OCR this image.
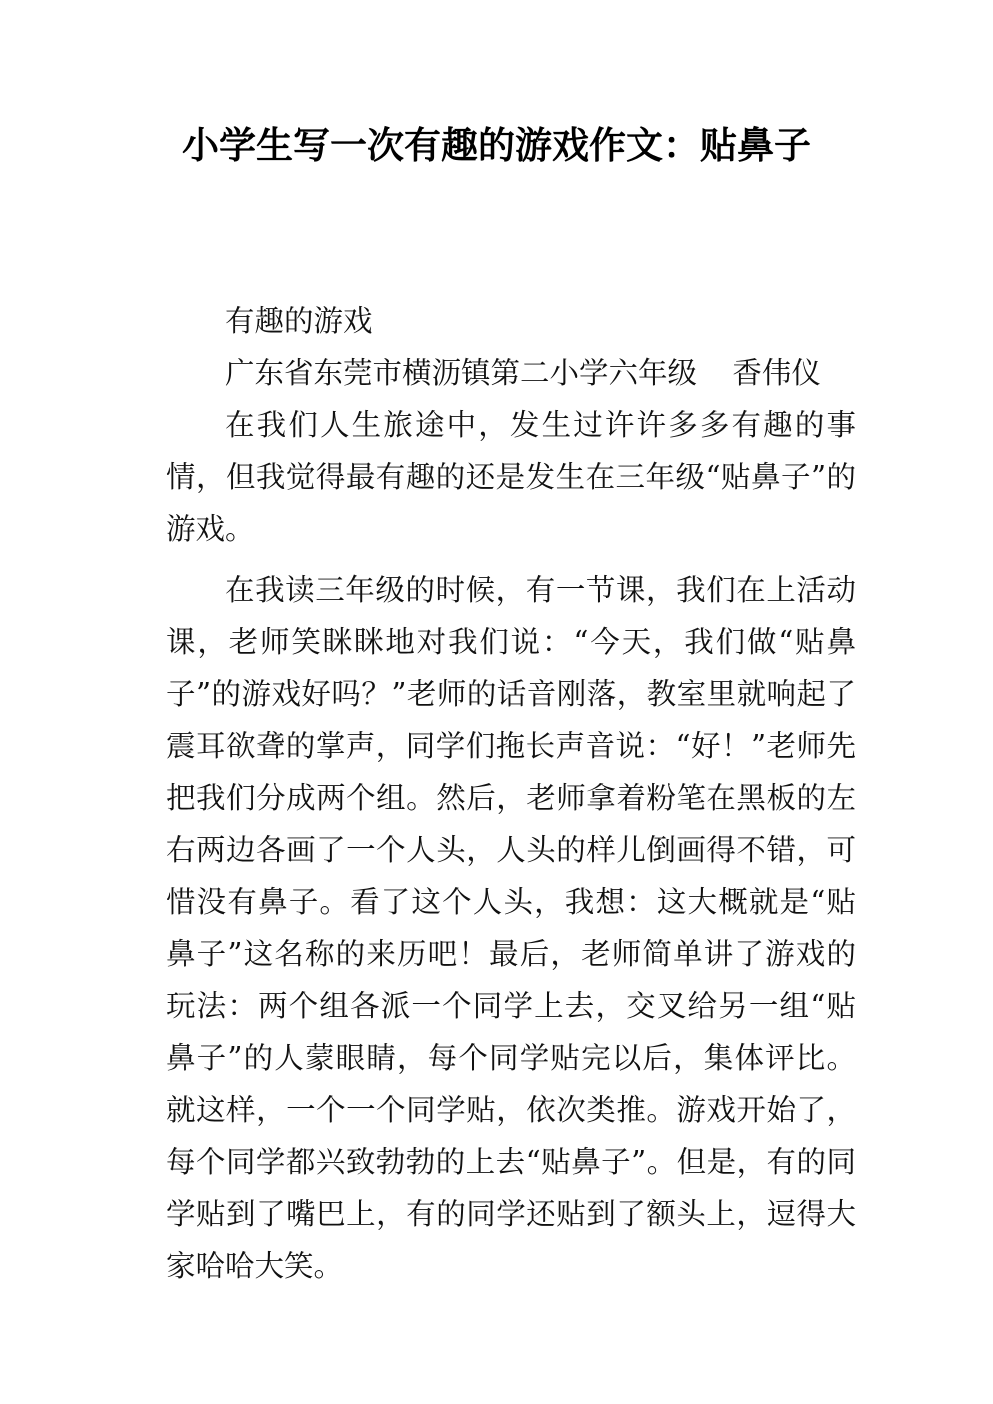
小学生写一次有趣的游戏作文：贴鼻子

有趣的游戏

广东省东莞市横沥镇第二小学六年级 香伟仪

在我们人生旅途中，发生过许许多多有趣的事情，但我觉得最有趣的还是发生在三年级“贴鼻子”的游戏。

在我读三年级的时候，有一节课，我们在上活动课，老师笑眯眯地对我们说：“今天，我们做“贴鼻子”的游戏好吗？”老师的话音刚落，教室里就响起了震耳欲聋的掌声，同学们拖长声音说：“好！”老师先把我们分成两个组。然后，老师拿着粉笔在黑板的左右两边各画了一个人头，人头的样儿倒画得不错，可惜没有鼻子。看了这个人头，我想：这大概就是“贴鼻子”这名称的来历吧！最后，老师简单讲了游戏的玩法：两个组各派一个同学上去，交叉给另一组“贴鼻子”的人蒙眼睛，每个同学贴完以后，集体评比。就这样，一个一个同学贴，依次类推。游戏开始了，每个同学都兴致勃勃的上去“贴鼻子”。但是，有的同学贴到了嘴巴上，有的同学还贴到了额头上，逗得大家哈哈大笑。
